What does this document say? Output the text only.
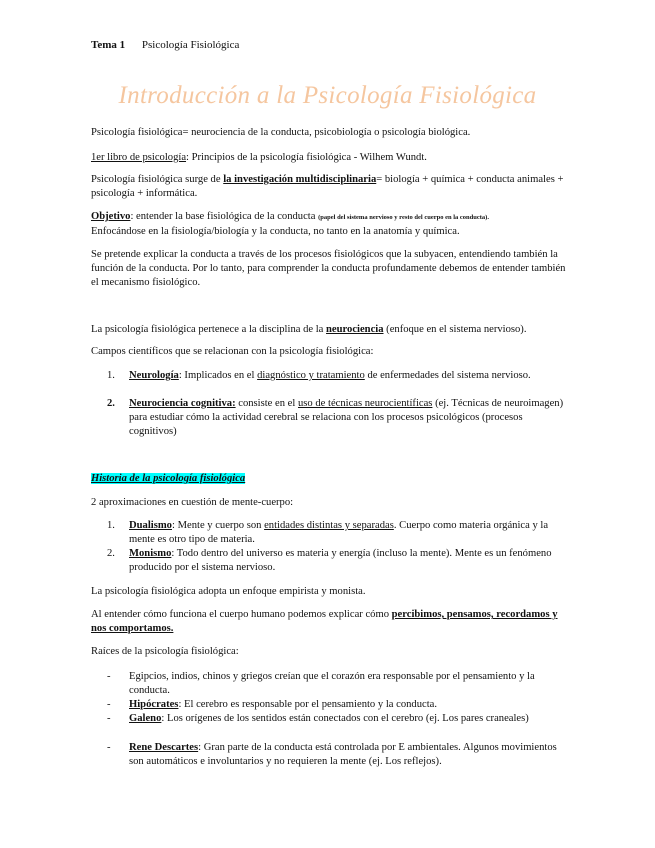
Tema 1 Psicología Fisiológica
Introducción a la Psicología Fisiológica

Psicología fisiológica= neurociencia de la conducta, psicobiología o psicología biológica.

1er libro de psicología: Principios de la psicología fisiológica - Wilhem Wundt.

Psicología fisiológica surge de la investigación multidisciplinaria= biología + química + conducta animales + psicología + informática.

Objetivo: entender la base fisiológica de la conducta (papel del sistema nervioso y resto del cuerpo en la conducta).
Enfocándose en la fisiología/biología y la conducta, no tanto en la anatomía y química.

Se pretende explicar la conducta a través de los procesos fisiológicos que la subyacen, entendiendo también la función de la conducta. Por lo tanto, para comprender la conducta profundamente debemos de entender también el mecanismo fisiológico.

La psicología fisiológica pertenece a la disciplina de la neurociencia (enfoque en el sistema nervioso).

Campos científicos que se relacionan con la psicología fisiológica:

1.	Neurología: Implicados en el diagnóstico y tratamiento de enfermedades del sistema nervioso.
2.	Neurociencia cognitiva: consiste en el uso de técnicas neurocientíficas (ej. Técnicas de neuroimagen) para estudiar cómo la actividad cerebral se relaciona con los procesos psicológicos (procesos cognitivos)

Historia de la psicología fisiológica

2 aproximaciones en cuestión de mente-cuerpo:

1.	Dualismo: Mente y cuerpo son entidades distintas y separadas. Cuerpo como materia orgánica y la mente es otro tipo de materia.
2.	Monismo: Todo dentro del universo es materia y energía (incluso la mente). Mente es un fenómeno producido por el sistema nervioso.

La psicología fisiológica adopta un enfoque empirista y monista.

Al entender cómo funciona el cuerpo humano podemos explicar cómo percibimos, pensamos, recordamos y nos comportamos.

Raíces de la psicología fisiológica:

-	Egipcios, indios, chinos y griegos creían que el corazón era responsable por el pensamiento y la conducta.
-	Hipócrates: El cerebro es responsable por el pensamiento y la conducta.
-	Galeno: Los orígenes de los sentidos están conectados con el cerebro (ej. Los pares craneales)
-	Rene Descartes: Gran parte de la conducta está controlada por E ambientales. Algunos movimientos son automáticos e involuntarios y no requieren la mente (ej. Los reflejos).
